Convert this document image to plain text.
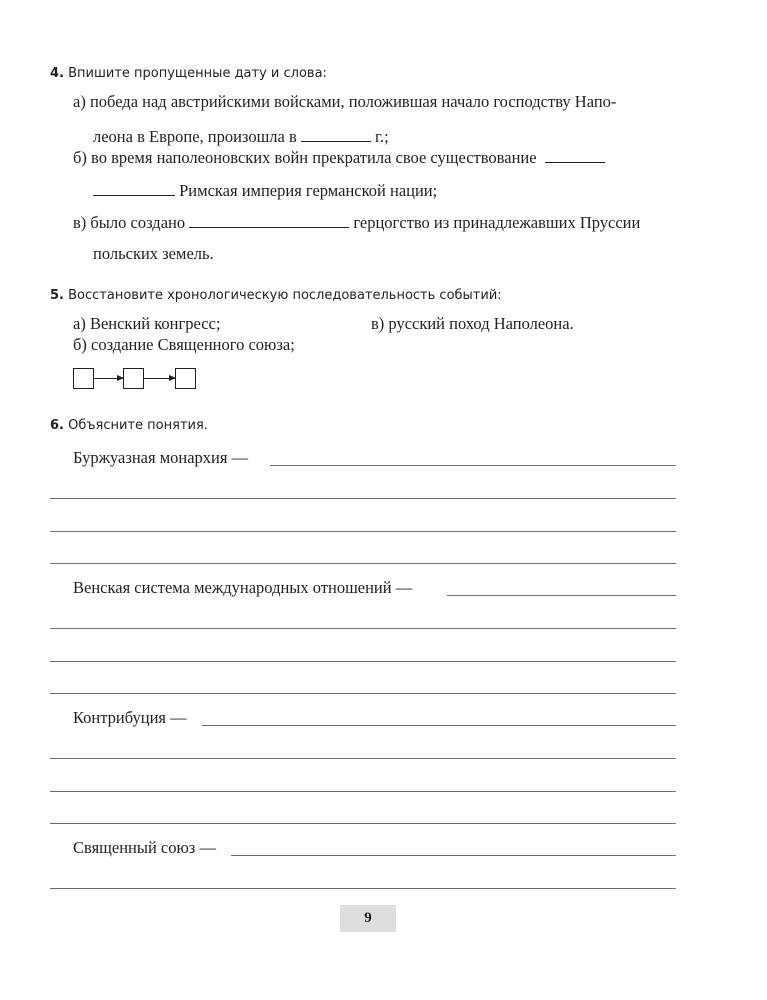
4. Впишите пропущенные дату и слова:
а) победа над австрийскими войсками, положившая начало господству Напо-
леона в Европе, произошла в	г.;
б) во время наполеоновских войн прекратила свое существование
Римская империя германской нации;
в) было создано	герцогство из принадлежавших Пруссии
польских земель.
5. Восстановите хронологическую последовательность событий:
а) Венский конгресс;	в) русский поход Наполеона.
б) создание Священного союза;
6. Объясните понятия.
Буржуазная монархия —
Венская система международных отношений —
Контрибуция —
Священный союз —
9
